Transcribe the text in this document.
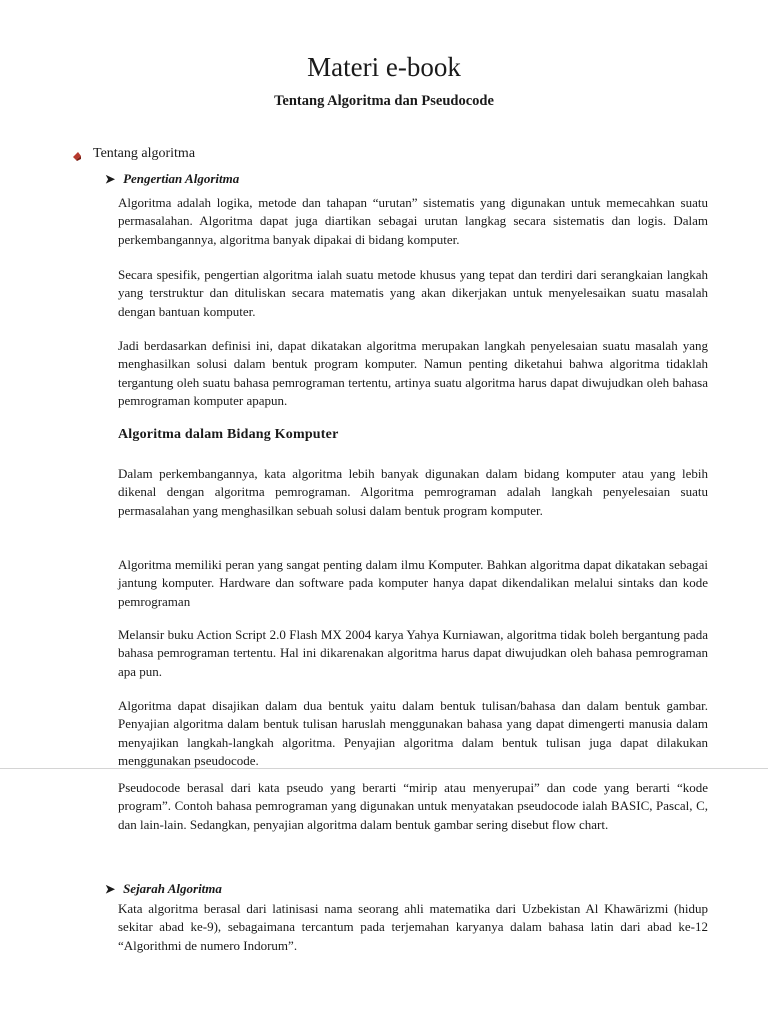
Materi e-book
Tentang Algoritma dan Pseudocode
Tentang algoritma
➤ Pengertian Algoritma

Algoritma adalah logika, metode dan tahapan “urutan” sistematis yang digunakan untuk memecahkan suatu permasalahan. Algoritma dapat juga diartikan sebagai urutan langkag secara sistematis dan logis. Dalam perkembangannya, algoritma banyak dipakai di bidang komputer.

Secara spesifik, pengertian algoritma ialah suatu metode khusus yang tepat dan terdiri dari serangkaian langkah yang terstruktur dan dituliskan secara matematis yang akan dikerjakan untuk menyelesaikan suatu masalah dengan bantuan komputer.

Jadi berdasarkan definisi ini, dapat dikatakan algoritma merupakan langkah penyelesaian suatu masalah yang menghasilkan solusi dalam bentuk program komputer. Namun penting diketahui bahwa algoritma tidaklah tergantung oleh suatu bahasa pemrograman tertentu, artinya suatu algoritma harus dapat diwujudkan oleh bahasa pemrograman komputer apapun.

Algoritma dalam Bidang Komputer

Dalam perkembangannya, kata algoritma lebih banyak digunakan dalam bidang komputer atau yang lebih dikenal dengan algoritma pemrograman. Algoritma pemrograman adalah langkah penyelesaian suatu permasalahan yang menghasilkan sebuah solusi dalam bentuk program komputer.

Algoritma memiliki peran yang sangat penting dalam ilmu Komputer. Bahkan algoritma dapat dikatakan sebagai jantung komputer. Hardware dan software pada komputer hanya dapat dikendalikan melalui sintaks dan kode pemrograman

Melansir buku Action Script 2.0 Flash MX 2004 karya Yahya Kurniawan, algoritma tidak boleh bergantung pada bahasa pemrograman tertentu. Hal ini dikarenakan algoritma harus dapat diwujudkan oleh bahasa pemrograman apa pun.

Algoritma dapat disajikan dalam dua bentuk yaitu dalam bentuk tulisan/bahasa dan dalam bentuk gambar. Penyajian algoritma dalam bentuk tulisan haruslah menggunakan bahasa yang dapat dimengerti manusia dalam menyajikan langkah-langkah algoritma. Penyajian algoritma dalam bentuk tulisan juga dapat dilakukan menggunakan pseudocode.

Pseudocode berasal dari kata pseudo yang berarti “mirip atau menyerupai” dan code yang berarti “kode program”. Contoh bahasa pemrograman yang digunakan untuk menyatakan pseudocode ialah BASIC, Pascal, C, dan lain-lain. Sedangkan, penyajian algoritma dalam bentuk gambar sering disebut flow chart.

➤ Sejarah Algoritma

Kata algoritma berasal dari latinisasi nama seorang ahli matematika dari Uzbekistan Al Khawārizmi (hidup sekitar abad ke-9), sebagaimana tercantum pada terjemahan karyanya dalam bahasa latin dari abad ke-12 “Algorithmi de numero Indorum”.
